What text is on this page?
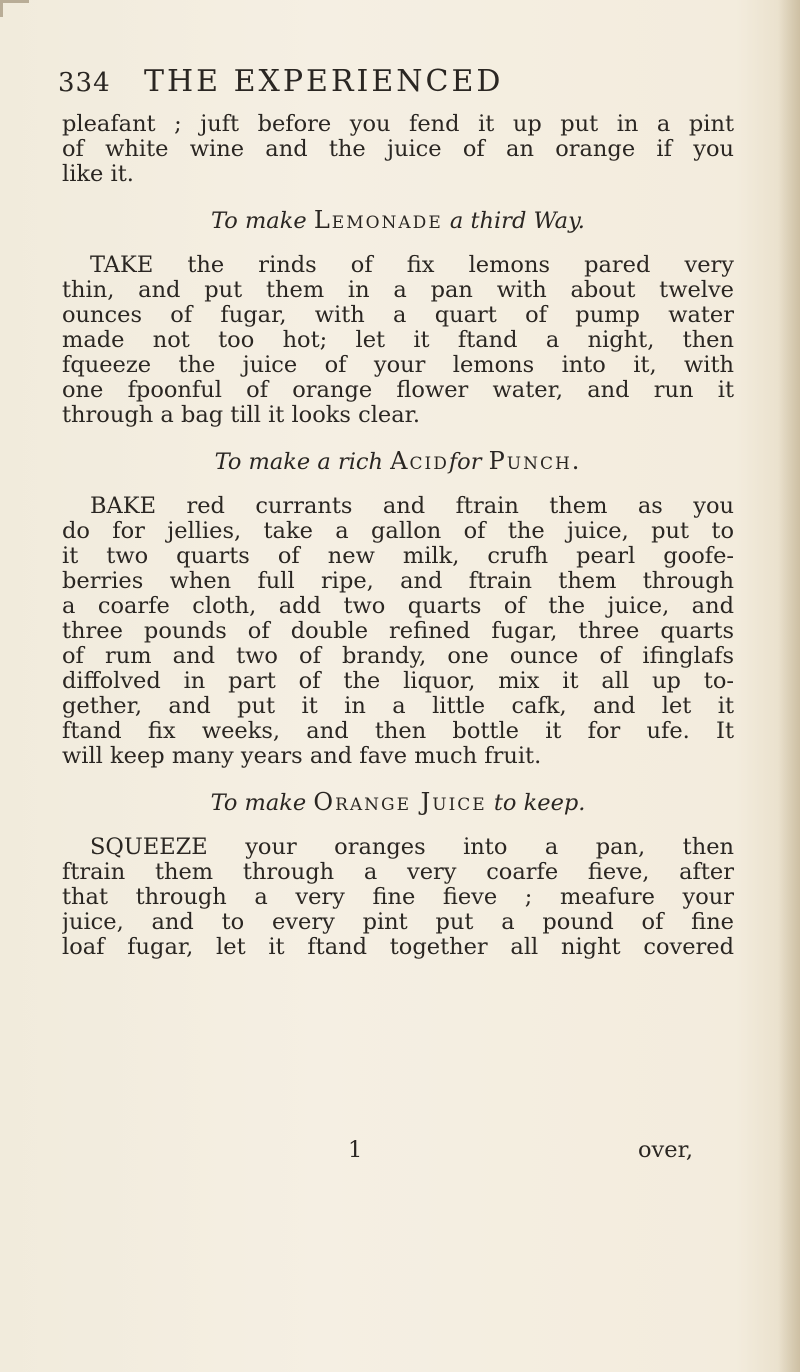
334 THE EXPERIENCED
pleafant ; juft before you fend it up put in a pint
of white wine and the juice of an orange if you
like it.
To make Lemonade a third Way.
TAKE the rinds of fix lemons pared very
thin, and put them in a pan with about twelve
ounces of fugar, with a quart of pump water
made not too hot; let it ftand a night, then
fqueeze the juice of your lemons into it, with
one fpoonful of orange flower water, and run it
through a bag till it looks clear.
To make a rich Acidfor Punch.
BAKE red currants and ftrain them as you
do for jellies, take a gallon of the juice, put to
it two quarts of new milk, crufh pearl goofe-
berries when full ripe, and ftrain them through
a coarfe cloth, add two quarts of the juice, and
three pounds of double refined fugar, three quarts
of rum and two of brandy, one ounce of ifinglafs
diffolved in part of the liquor, mix it all up to-
gether, and put it in a little cafk, and let it
ftand fix weeks, and then bottle it for ufe. It
will keep many years and fave much fruit.
To make Orange Juice to keep.
SQUEEZE your oranges into a pan, then
ftrain them through a very coarfe fieve, after
that through a very fine fieve ; meafure your
juice, and to every pint put a pound of fine
loaf fugar, let it ftand together all night covered
1	over,
